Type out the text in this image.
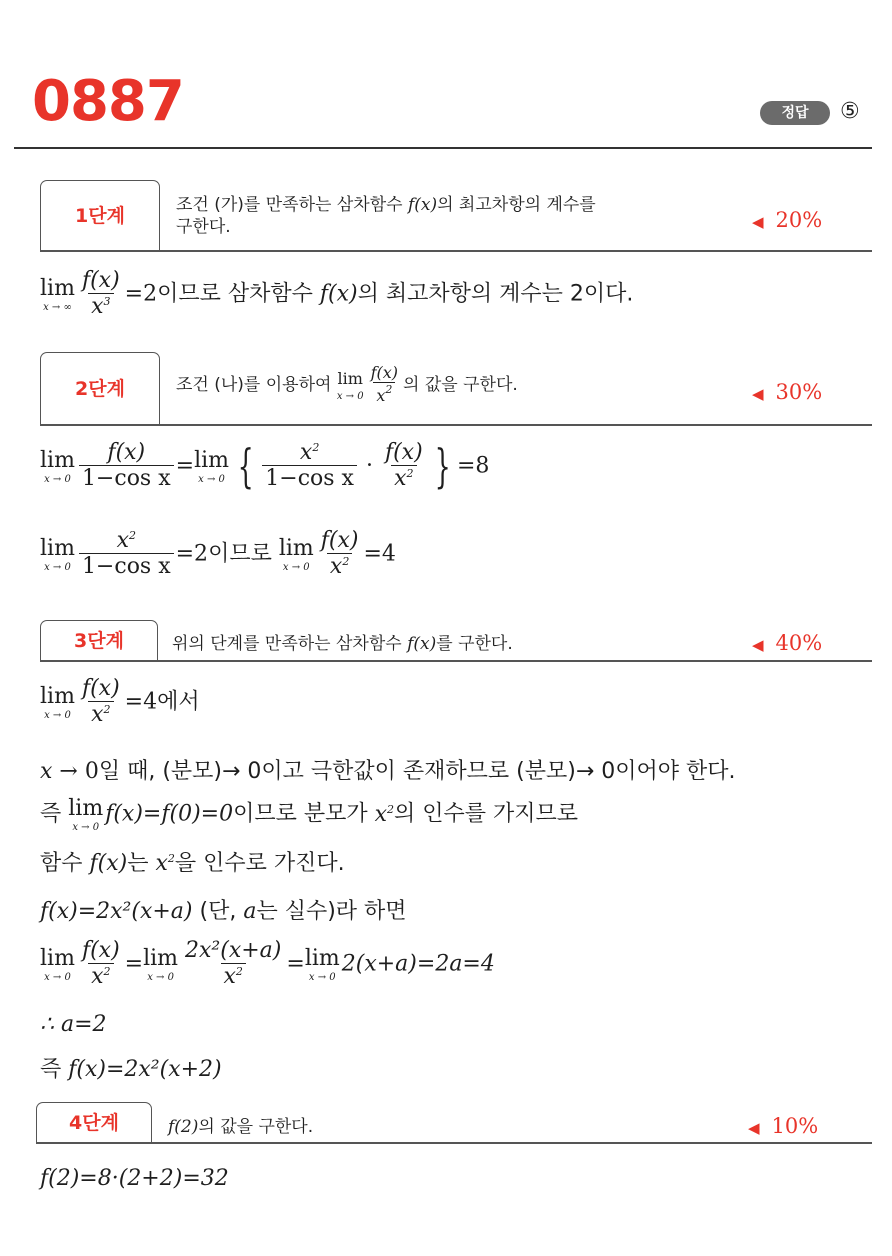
0887	정답	⑤
1단계	조건 (가)를 만족하는 삼차함수 f(x)의 최고차항의 계수를
구한다.	◀ 20%
lim
x → ∞ $\frac{f(x)}{x^3} =2$이므로 삼차함수 f(x)의 최고차항의 계수는 2이다.
2단계	조건 (나)를 이용하여 lim
$x \to 0 \frac{f(x)}{x^2}$ 의 값을 구한다.	◀ 30%
lim
$x \to 0 \frac{f(x)}{\text{1−cos x}} = \lim$
x → 0 { $\frac{x^2}{\text{1−cos x}} \cdot \frac{f(x)}{x^2}$ } =8
lim
$x \to 0 \frac{x^2}{\text{1−cos x}} =2$이므로 lim
$x \to 0 \frac{f(x)}{x^2} =4$
3단계	위의 단계를 만족하는 삼차함수 f(x)를 구한다.	◀ 40%
lim
$x \to 0 \frac{f(x)}{x^2} =4$에서
x → 0일 때, (분모)→ 0이고 극한값이 존재하므로 (분모)→ 0이어야 한다.
즉 lim
x → 0
f(x)=f(0)=0이므로 분모가 $x^2$의 인수를 가지므로
함수 f(x)는 $x^2$을 인수로 가진다.
f(x)=2x²(x+a) (단, a는 실수)라 하면
lim
$x \to 0 \frac{f(x)}{x^2} = \lim$
$x \to 0 \frac{\text{2x²(x+a)}}{x^2} = \lim$
x → 0
2(x+a)=2a=4
∴ a=2
즉 f(x)=2x²(x+2)
4단계	f(2)의 값을 구한다.	◀ 10%
f(2)=8·(2+2)=32
